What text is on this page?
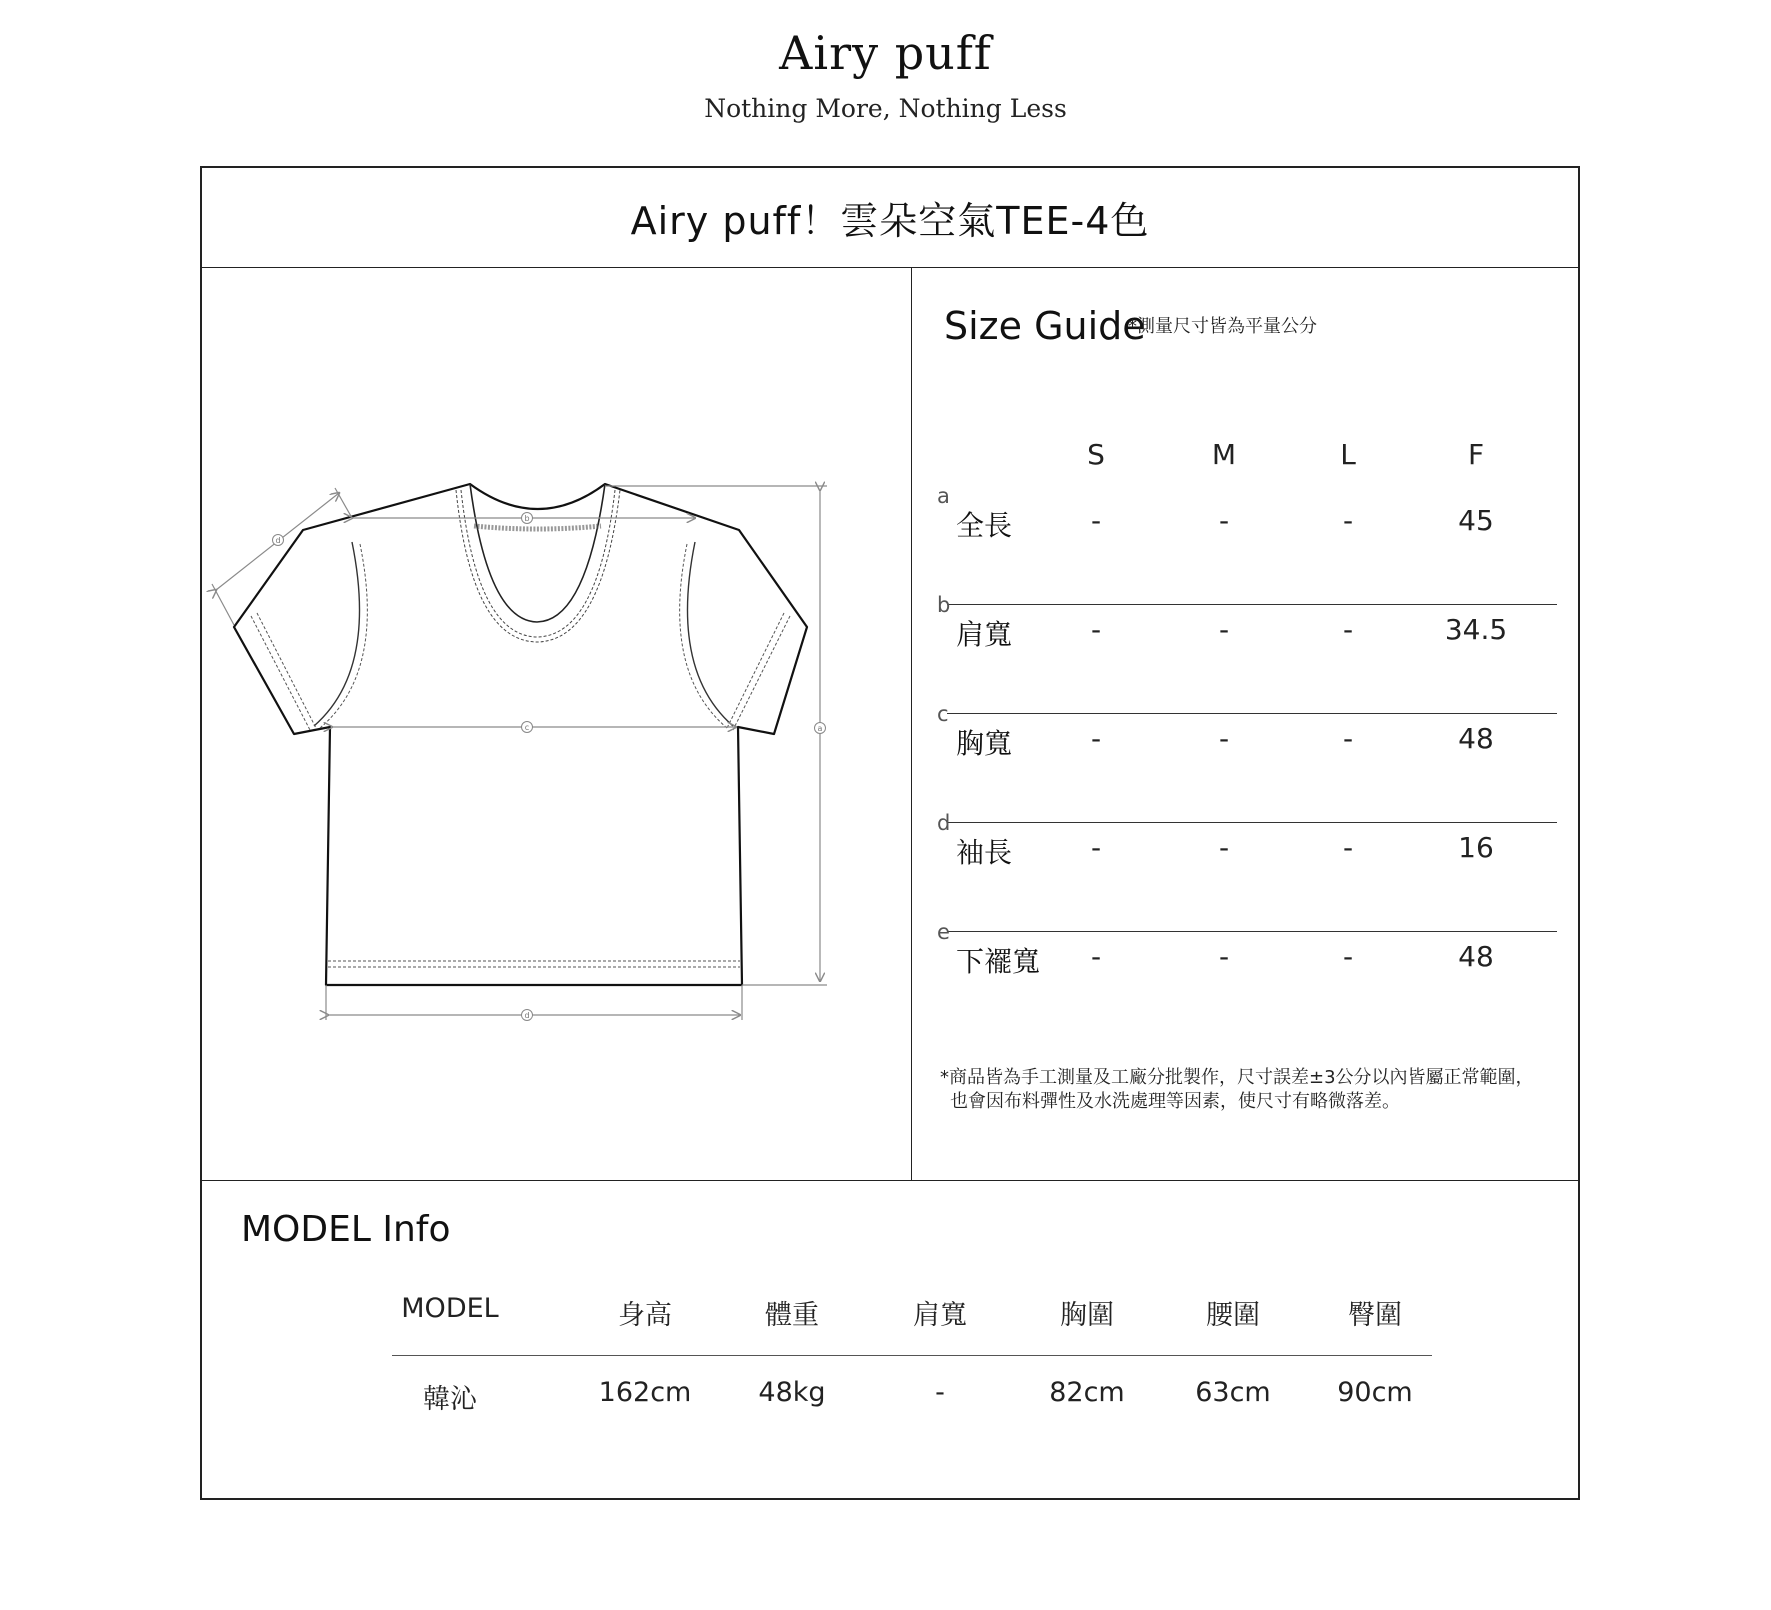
Airy puff
Nothing More, Nothing Less
Airy puff！雲朵空氣TEE-4色
a
b
c
d
d
Size Guide
*測量尺寸皆為平量公分
S	M	L	F
a
全長	-	-	-	45
b
肩寬	-	-	-	34.5
c
胸寬	-	-	-	48
d
袖長	-	-	-	16
e
下襬寬	-	-	-	48
*商品皆為手工測量及工廠分批製作，尺寸誤差±3公分以內皆屬正常範圍，
也會因布料彈性及水洗處理等因素，使尺寸有略微落差。
MODEL Info
MODEL	身高	體重	肩寬	胸圍	腰圍	臀圍
韓沁	162cm	48kg	-	82cm	63cm	90cm
